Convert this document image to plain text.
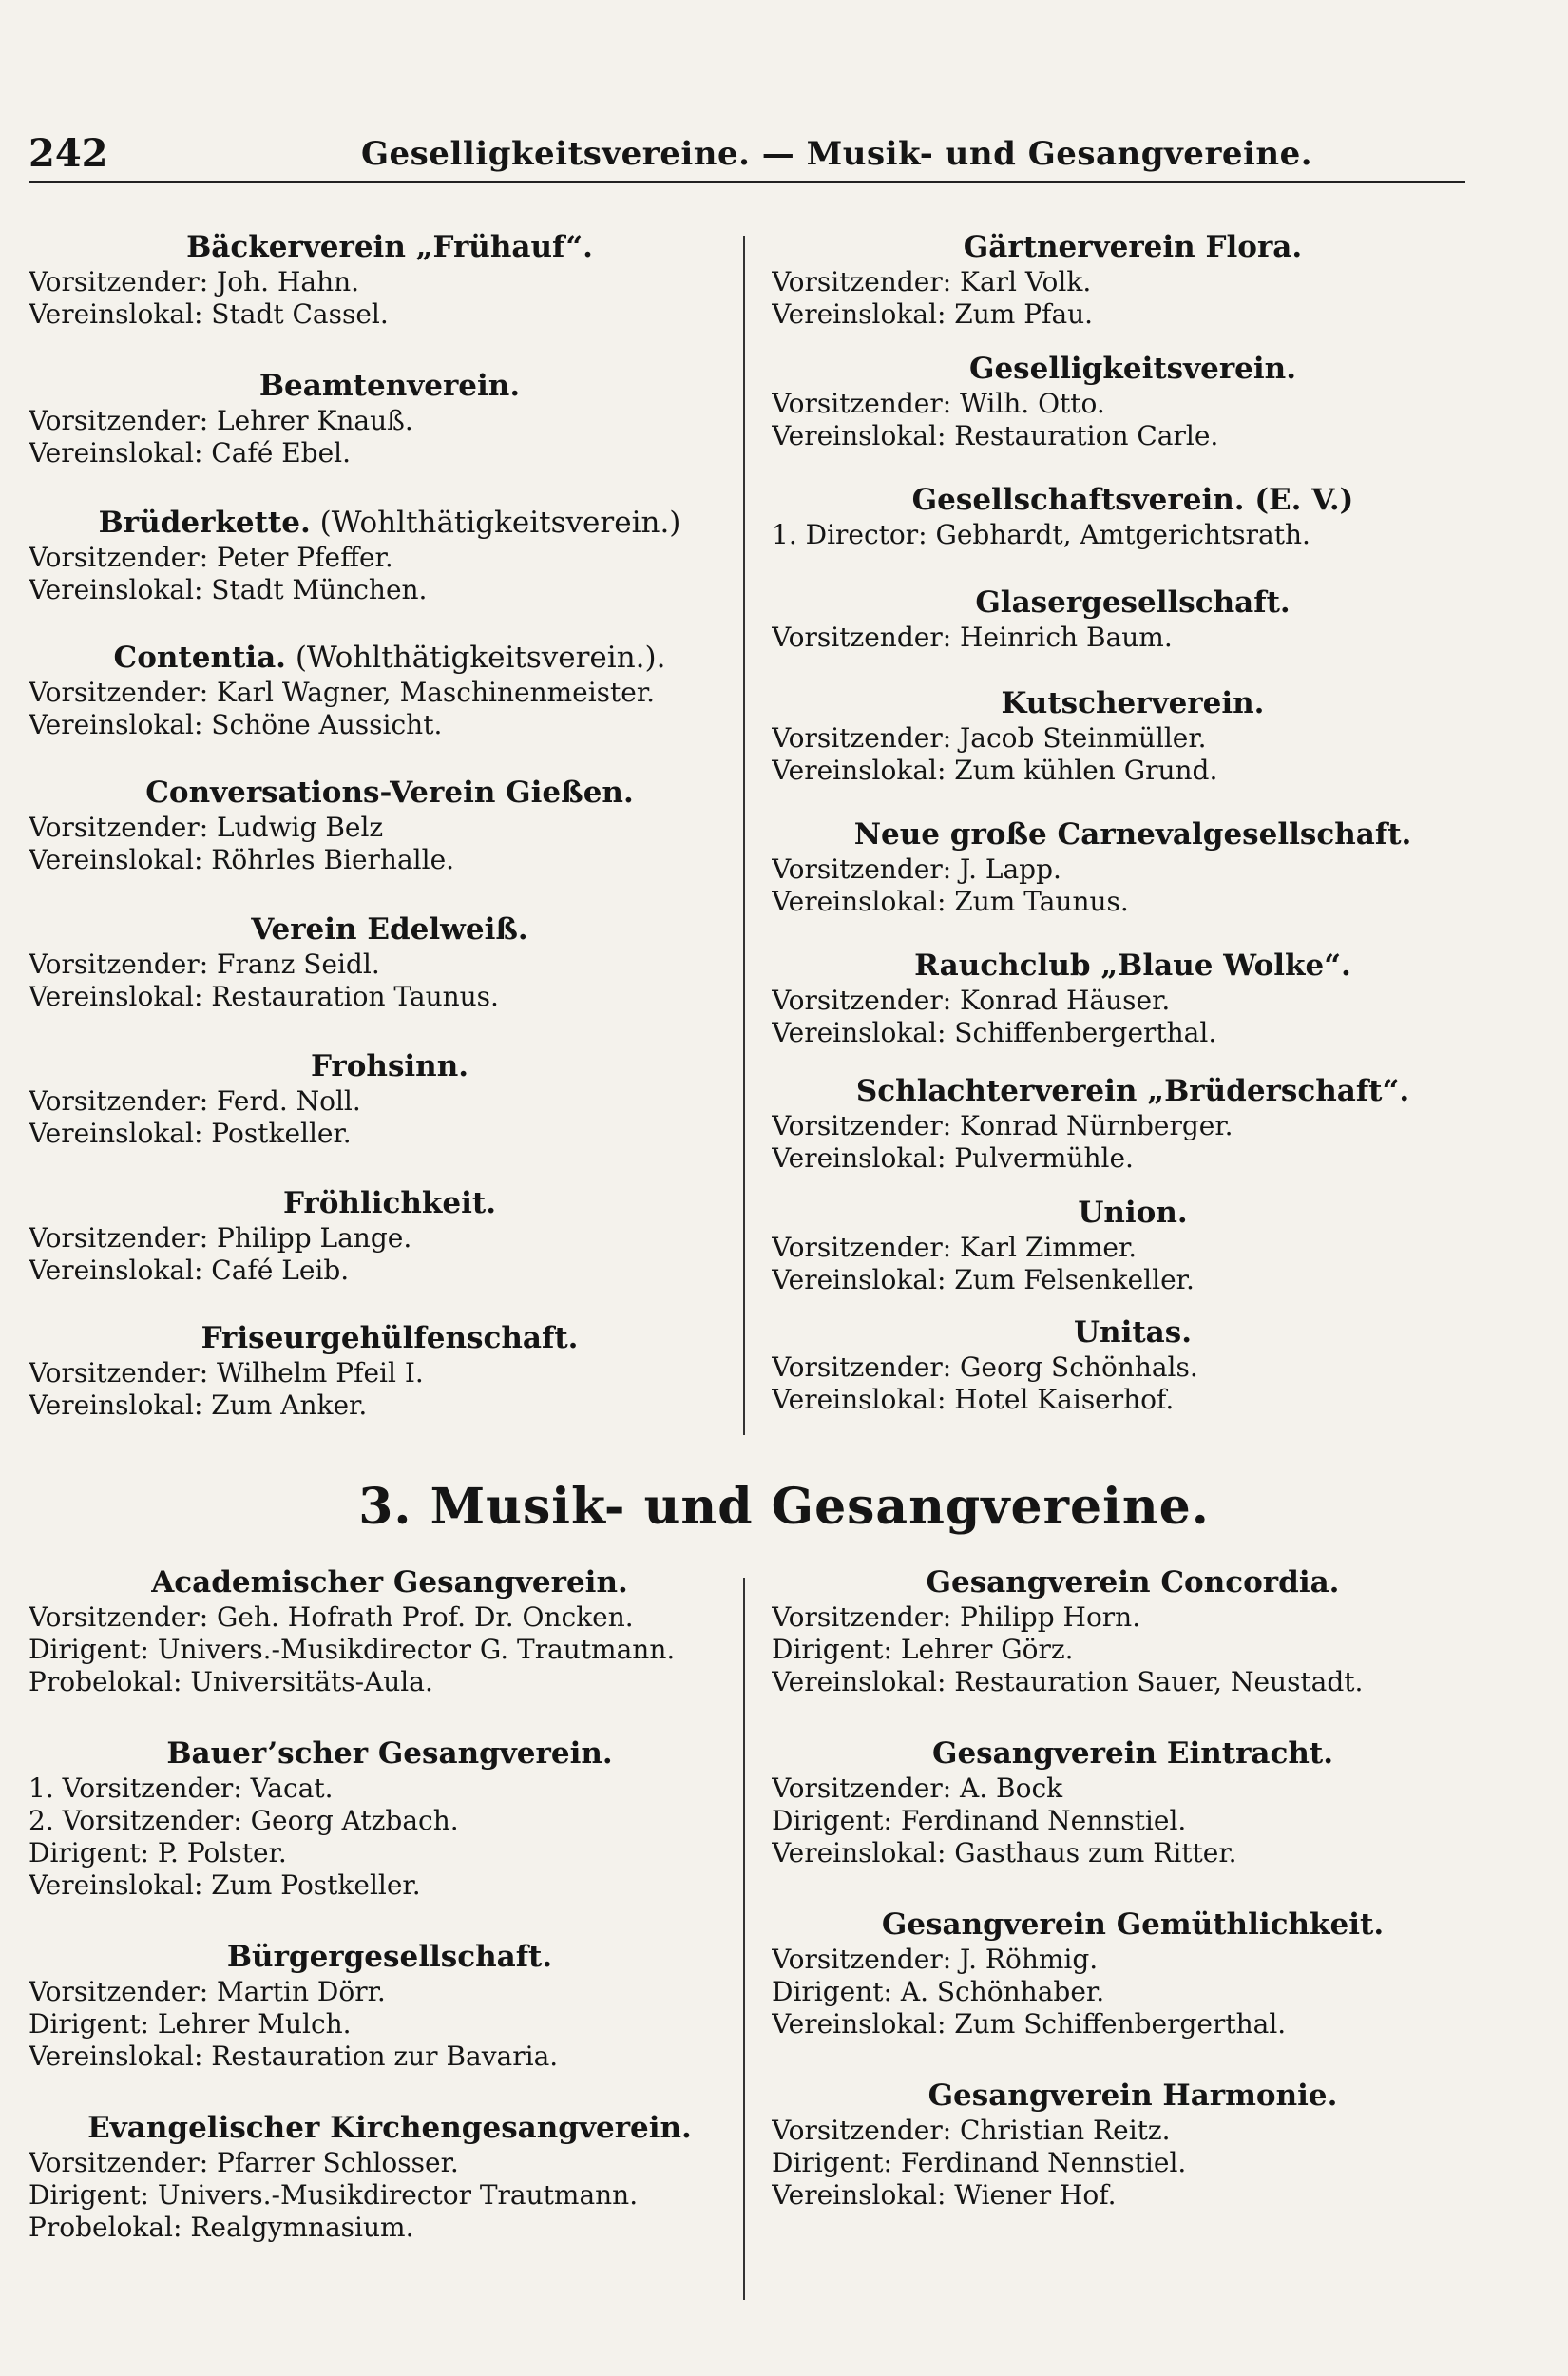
242	Geselligkeitsvereine. — Musik- und Gesangvereine.
Bäckerverein „Frühauf“.
Vorsitzender: Joh. Hahn.
Vereinslokal: Stadt Cassel.
Beamtenverein.
Vorsitzender: Lehrer Knauß.
Vereinslokal: Café Ebel.
Brüderkette. (Wohlthätigkeitsverein.)
Vorsitzender: Peter Pfeffer.
Vereinslokal: Stadt München.
Contentia. (Wohlthätigkeitsverein.).
Vorsitzender: Karl Wagner, Maschinenmeister.
Vereinslokal: Schöne Aussicht.
Conversations-Verein Gießen.
Vorsitzender: Ludwig Belz
Vereinslokal: Röhrles Bierhalle.
Verein Edelweiß.
Vorsitzender: Franz Seidl.
Vereinslokal: Restauration Taunus.
Frohsinn.
Vorsitzender: Ferd. Noll.
Vereinslokal: Postkeller.
Fröhlichkeit.
Vorsitzender: Philipp Lange.
Vereinslokal: Café Leib.
Friseurgehülfenschaft.
Vorsitzender: Wilhelm Pfeil I.
Vereinslokal: Zum Anker.
Gärtnerverein Flora.
Vorsitzender: Karl Volk.
Vereinslokal: Zum Pfau.
Geselligkeitsverein.
Vorsitzender: Wilh. Otto.
Vereinslokal: Restauration Carle.
Gesellschaftsverein. (E. V.)
1. Director: Gebhardt, Amtgerichtsrath.
Glasergesellschaft.
Vorsitzender: Heinrich Baum.
Kutscherverein.
Vorsitzender: Jacob Steinmüller.
Vereinslokal: Zum kühlen Grund.
Neue große Carnevalgesellschaft.
Vorsitzender: J. Lapp.
Vereinslokal: Zum Taunus.
Rauchclub „Blaue Wolke“.
Vorsitzender: Konrad Häuser.
Vereinslokal: Schiffenbergerthal.
Schlachterverein „Brüderschaft“.
Vorsitzender: Konrad Nürnberger.
Vereinslokal: Pulvermühle.
Union.
Vorsitzender: Karl Zimmer.
Vereinslokal: Zum Felsenkeller.
Unitas.
Vorsitzender: Georg Schönhals.
Vereinslokal: Hotel Kaiserhof.
3. Musik- und Gesangvereine.
Academischer Gesangverein.
Vorsitzender: Geh. Hofrath Prof. Dr. Oncken.
Dirigent: Univers.-Musikdirector G. Trautmann.
Probelokal: Universitäts-Aula.
Bauer’scher Gesangverein.
1. Vorsitzender: Vacat.
2. Vorsitzender: Georg Atzbach.
Dirigent: P. Polster.
Vereinslokal: Zum Postkeller.
Bürgergesellschaft.
Vorsitzender: Martin Dörr.
Dirigent: Lehrer Mulch.
Vereinslokal: Restauration zur Bavaria.
Evangelischer Kirchengesangverein.
Vorsitzender: Pfarrer Schlosser.
Dirigent: Univers.-Musikdirector Trautmann.
Probelokal: Realgymnasium.
Gesangverein Concordia.
Vorsitzender: Philipp Horn.
Dirigent: Lehrer Görz.
Vereinslokal: Restauration Sauer, Neustadt.
Gesangverein Eintracht.
Vorsitzender: A. Bock
Dirigent: Ferdinand Nennstiel.
Vereinslokal: Gasthaus zum Ritter.
Gesangverein Gemüthlichkeit.
Vorsitzender: J. Röhmig.
Dirigent: A. Schönhaber.
Vereinslokal: Zum Schiffenbergerthal.
Gesangverein Harmonie.
Vorsitzender: Christian Reitz.
Dirigent: Ferdinand Nennstiel.
Vereinslokal: Wiener Hof.
